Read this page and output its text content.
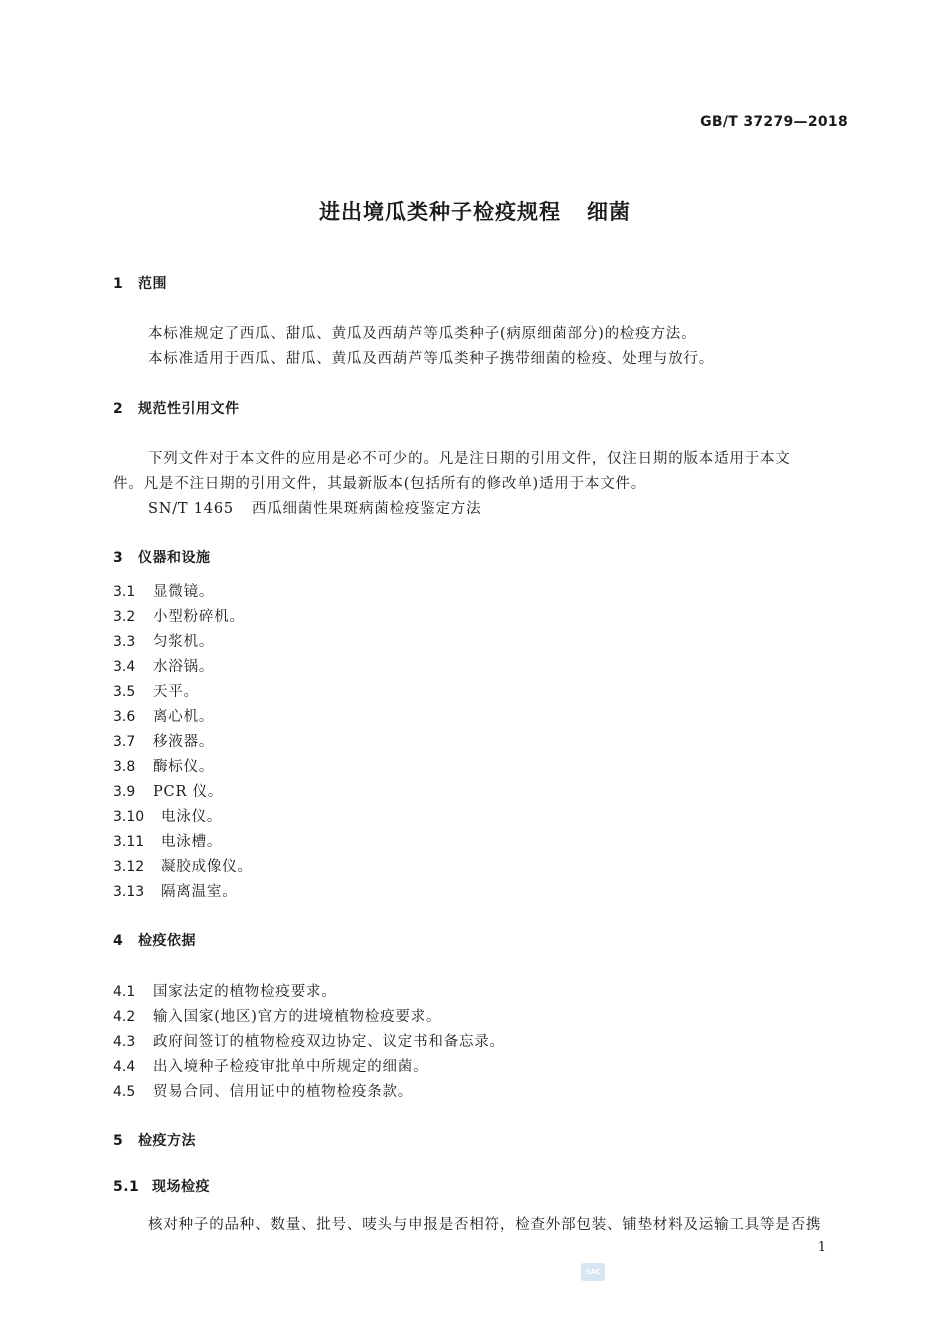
GB/T 37279—2018
进出境瓜类种子检疫规程 细菌
1 范围
本标准规定了西瓜、甜瓜、黄瓜及西葫芦等瓜类种子(病原细菌部分)的检疫方法。
本标准适用于西瓜、甜瓜、黄瓜及西葫芦等瓜类种子携带细菌的检疫、处理与放行。
2 规范性引用文件
下列文件对于本文件的应用是必不可少的。凡是注日期的引用文件，仅注日期的版本适用于本文
件。凡是不注日期的引用文件，其最新版本(包括所有的修改单)适用于本文件。
SN/T 1465 西瓜细菌性果斑病菌检疫鉴定方法
3 仪器和设施
3.1 显微镜。
3.2 小型粉碎机。
3.3 匀浆机。
3.4 水浴锅。
3.5 天平。
3.6 离心机。
3.7 移液器。
3.8 酶标仪。
3.9 PCR 仪。
3.10 电泳仪。
3.11 电泳槽。
3.12 凝胶成像仪。
3.13 隔离温室。
4 检疫依据
4.1 国家法定的植物检疫要求。
4.2 输入国家(地区)官方的进境植物检疫要求。
4.3 政府间签订的植物检疫双边协定、议定书和备忘录。
4.4 出入境种子检疫审批单中所规定的细菌。
4.5 贸易合同、信用证中的植物检疫条款。
5 检疫方法
5.1 现场检疫
核对种子的品种、数量、批号、唛头与申报是否相符，检查外部包装、铺垫材料及运输工具等是否携
1
SAC
